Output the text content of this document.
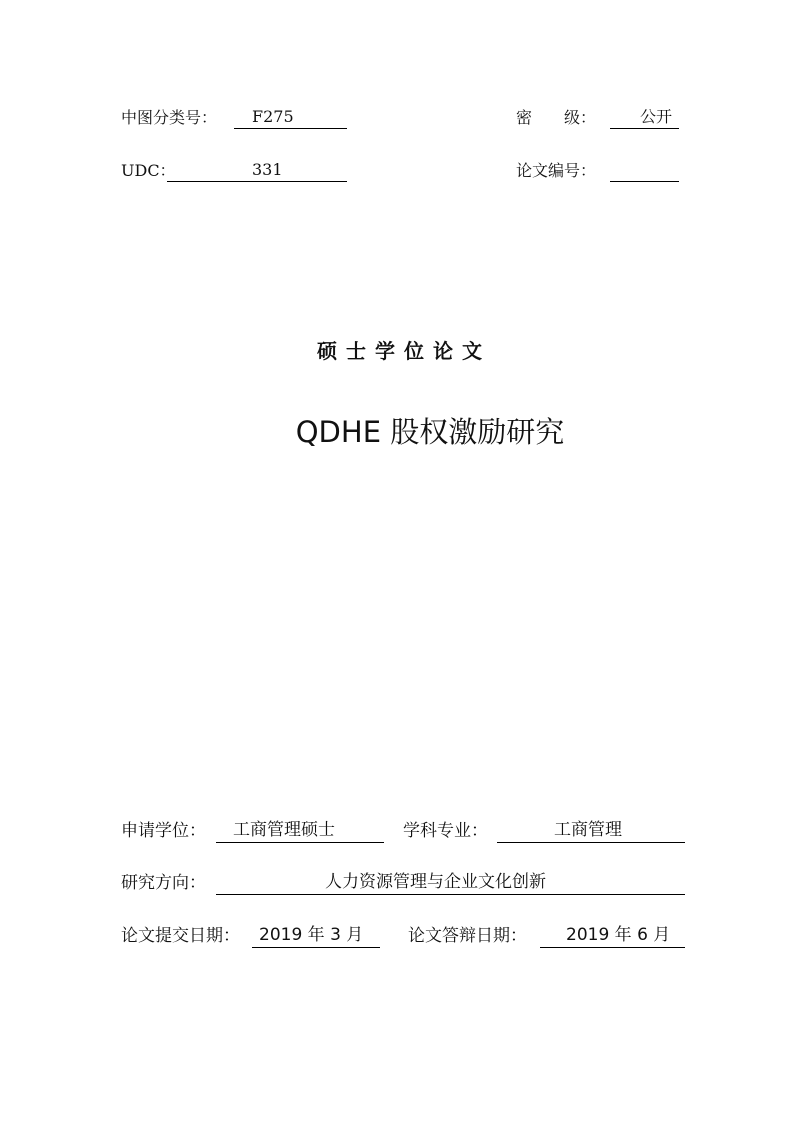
中图分类号： F275	密　　级：	公开
UDC：	331	论文编号：
硕士学位论文
QDHE 股权激励研究
申请学位： 工商管理硕士	学科专业：	工商管理
研究方向：	人力资源管理与企业文化创新
论文提交日期： 2019 年 3 月	论文答辩日期： 2019 年 6 月
